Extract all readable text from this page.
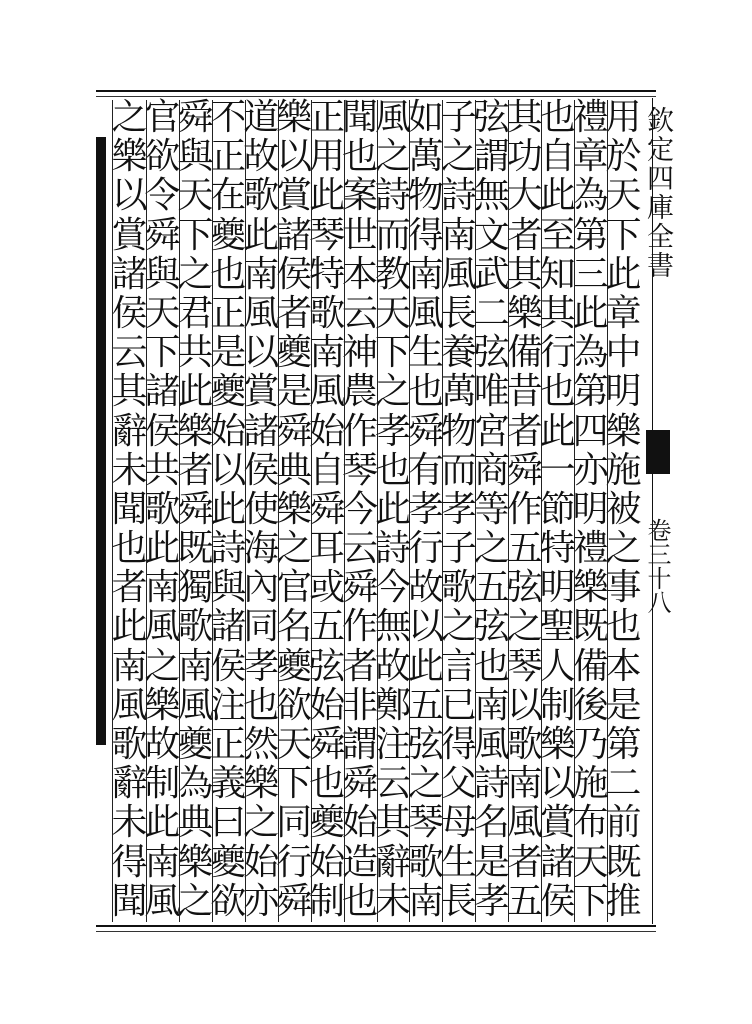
欽定四庫全書
卷三十八
用
於
天
下
此
章
中
明
樂
施
被
之
事
也
本
是
第
二
前
既
推
禮
章
為
第
三
此
為
第
四
亦
明
禮
樂
既
備
後
乃
施
布
天
下
也
自
此
至
知
其
行
也
此
一
節
特
明
聖
人
制
樂
以
賞
諸
侯
其
功
大
者
其
樂
備
昔
者
舜
作
五
弦
之
琴
以
歌
南
風
者
五
弦
謂
無
文
武
二
弦
唯
宮
商
等
之
五
弦
也
南
風
詩
名
是
孝
子
之
詩
南
風
長
養
萬
物
而
孝
子
歌
之
言
已
得
父
母
生
長
如
萬
物
得
南
風
生
也
舜
有
孝
行
故
以
此
五
弦
之
琴
歌
南
風
之
詩
而
教
天
下
之
孝
也
此
詩
今
無
故
鄭
注
云
其
辭
未
聞
也
案
世
本
云
神
農
作
琴
今
云
舜
作
者
非
謂
舜
始
造
也
正
用
此
琴
特
歌
南
風
始
自
舜
耳
或
五
弦
始
舜
也
夔
始
制
樂
以
賞
諸
侯
者
夔
是
舜
典
樂
之
官
名
夔
欲
天
下
同
行
舜
道
故
歌
此
南
風
以
賞
諸
侯
使
海
內
同
孝
也
然
樂
之
始
亦
不
正
在
夔
也
正
是
夔
始
以
此
詩
與
諸
侯
注
正
義
曰
夔
欲
舜
與
天
下
之
君
共
此
樂
者
舜
既
獨
歌
南
風
夔
為
典
樂
之
官
欲
令
舜
與
天
下
諸
侯
共
歌
此
南
風
之
樂
故
制
此
南
風
之
樂
以
賞
諸
侯
云
其
辭
未
聞
也
者
此
南
風
歌
辭
未
得
聞
